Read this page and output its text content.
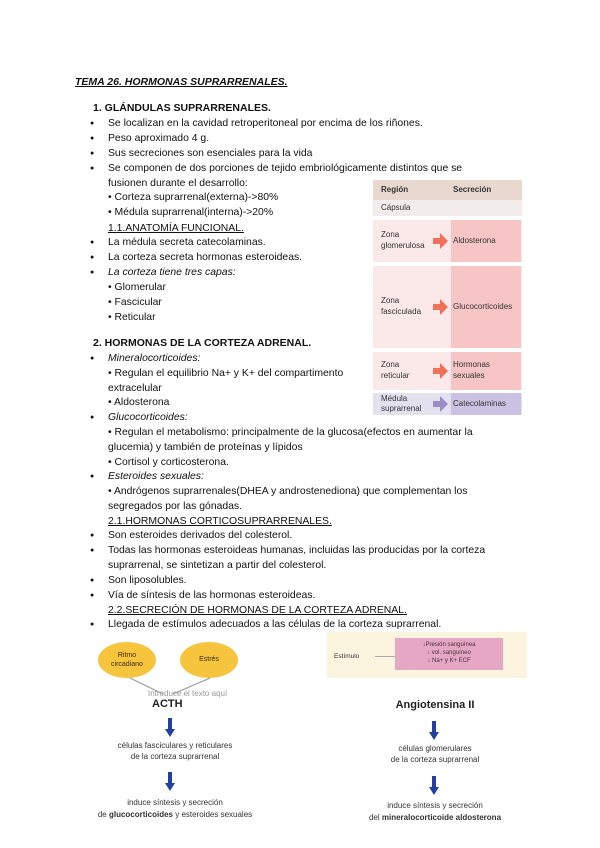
TEMA 26. HORMONAS SUPRARRENALES.
1. GLÁNDULAS SUPRARRENALES.
● Se localizan en la cavidad retroperitoneal por encima de los riñones.
● Peso aproximado 4 g.
● Sus secreciones son esenciales para la vida
● Se componen de dos porciones de tejido embriológicamente distintos que se
fusionen durante el desarrollo:
• Corteza suprarrenal(externa)->80%
• Médula suprarrenal(interna)->20%
1.1.ANATOMÍA FUNCIONAL.
● La médula secreta catecolaminas.
● La corteza secreta hormonas esteroideas.
● La corteza tiene tres capas:
• Glomerular
• Fascicular
• Reticular
Región	Secreción
Cápsula
Zona
glomerulosa
Aldosterona
Zona
fasciculada
Glucocorticoides
Zona
reticular
Hormonas
sexuales
Médula
suprarrenal
Catecolaminas
2. HORMONAS DE LA CORTEZA ADRENAL.
● Mineralocorticoides:
• Regulan el equilibrio Na+ y K+ del compartimento
extracelular
• Aldosterona
● Glucocorticoides:
• Regulan el metabolismo: principalmente de la glucosa(efectos en aumentar la
glucemia) y también de proteínas y lípidos
• Cortisol y corticosterona.
● Esteroides sexuales:
• Andrógenos suprarrenales(DHEA y androstenediona) que complementan los
segregados por las gónadas.
2.1.HORMONAS CORTICOSUPRARRENALES.
● Son esteroides derivados del colesterol.
● Todas las hormonas esteroideas humanas, incluidas las producidas por la corteza
suprarrenal, se sintetizan a partir del colesterol.
● Son liposolubles.
● Vía de síntesis de las hormonas esteroideas.
2.2.SECRECIÓN DE HORMONAS DE LA CORTEZA ADRENAL.
● Llegada de estímulos adecuados a las células de la corteza suprarrenal.
Ritmo
circadiano
Estrés
Introduce el texto aquí
ACTH
células fasciculares y reticulares
de la corteza suprarrenal
induce síntesis y secreción
de glucocorticoides y esteroides sexuales
Estímulo
↓Presión sanguínea
↓ vol. sanguíneo
↓ Na+ y K+ ECF
Angiotensina II
células glomerulares
de la corteza suprarrenal
induce síntesis y secreción
del mineralocorticoide aldosterona
